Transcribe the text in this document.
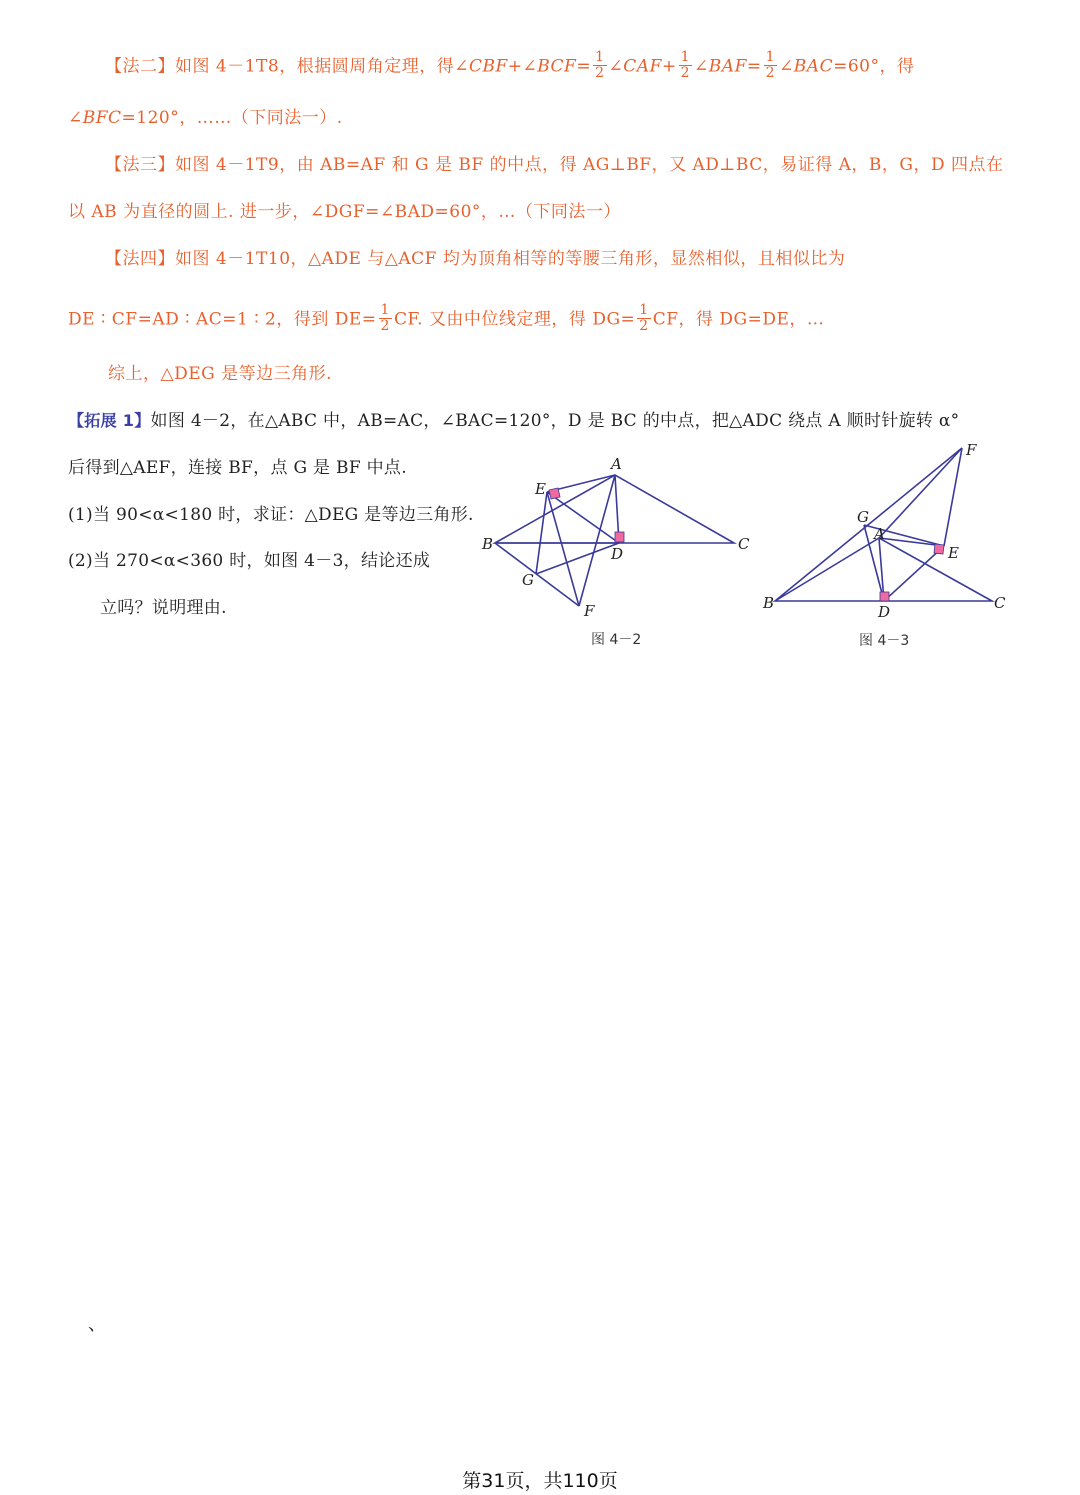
【法二】如图 4－1T8，根据圆周角定理，得∠CBF+∠BCF= $\frac{1}{2}$ ∠CAF+ $\frac{1}{2}$ ∠BAF= $\frac{1}{2}$ ∠BAC=60°，得
∠BFC=120°，……（下同法一）.
【法三】如图 4－1T9，由 AB=AF 和 G 是 BF 的中点，得 AG⊥BF，又 AD⊥BC，易证得 A，B，G，D 四点在
以 AB 为直径的圆上. 进一步，∠DGF=∠BAD=60°，…（下同法一）
【法四】如图 4－1T10，△ADE 与△ACF 均为顶角相等的等腰三角形，显然相似，且相似比为
DE ∶ CF=AD ∶ AC=1 ∶ 2，得到 $DE= \frac{1}{2}$ CF. 又由中位线定理，得 $DG= \frac{1}{2}$ CF，得 DG=DE，…
综上，△DEG 是等边三角形.
【拓展 1】如图 4－2，在△ABC 中，AB=AC，∠BAC=120°，D 是 BC 的中点，把△ADC 绕点 A 顺时针旋转 α°
后得到△AEF，连接 BF，点 G 是 BF 中点.
(1)当 90<α<180 时，求证：△DEG 是等边三角形.
(2)当 270<α<360 时，如图 4－3，结论还成
立吗？说明理由.
A
B	C
D
E
F
G
图 4－2
A
B	C
D
E
F
G
图 4－3
、
第31页，共110页
